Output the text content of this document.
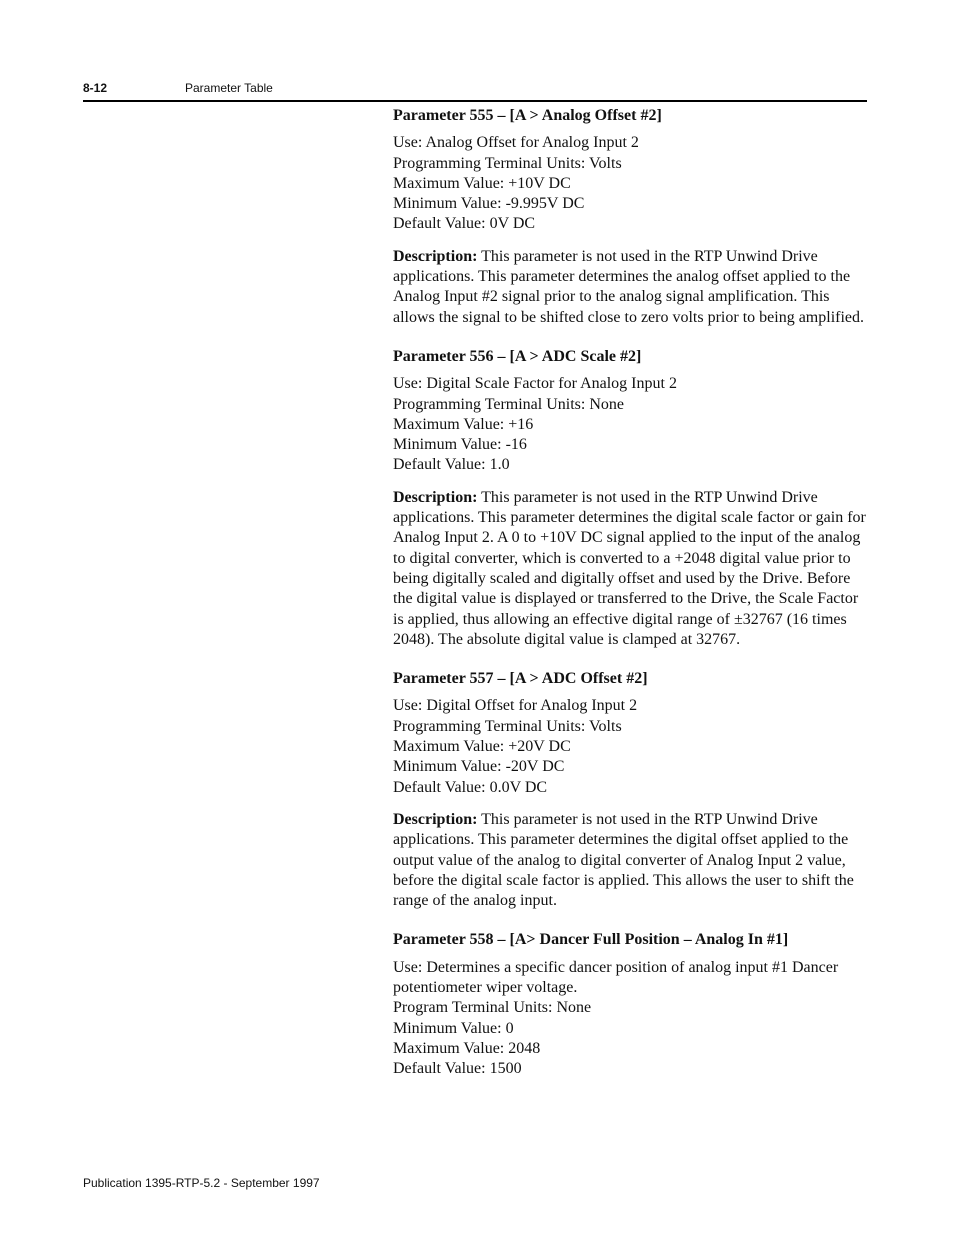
8-12	Parameter Table

Parameter 555 – [A > Analog Offset #2]

Use: Analog Offset for Analog Input 2
Programming Terminal Units: Volts
Maximum Value: +10V DC
Minimum Value: -9.995V DC
Default Value: 0V DC

Description: This parameter is not used in the RTP Unwind Drive applications. This parameter determines the analog offset applied to the Analog Input #2 signal prior to the analog signal amplification. This allows the signal to be shifted close to zero volts prior to being amplified.

Parameter 556 – [A > ADC Scale #2]

Use: Digital Scale Factor for Analog Input 2
Programming Terminal Units: None
Maximum Value: +16
Minimum Value: -16
Default Value: 1.0

Description: This parameter is not used in the RTP Unwind Drive applications. This parameter determines the digital scale factor or gain for Analog Input 2. A 0 to +10V DC signal applied to the input of the analog to digital converter, which is converted to a +2048 digital value prior to being digitally scaled and digitally offset and used by the Drive. Before the digital value is displayed or transferred to the Drive, the Scale Factor is applied, thus allowing an effective digital range of ±32767 (16 times 2048). The absolute digital value is clamped at 32767.

Parameter 557 – [A > ADC Offset #2]

Use: Digital Offset for Analog Input 2
Programming Terminal Units: Volts
Maximum Value: +20V DC
Minimum Value: -20V DC
Default Value: 0.0V DC

Description: This parameter is not used in the RTP Unwind Drive applications. This parameter determines the digital offset applied to the output value of the analog to digital converter of Analog Input 2 value, before the digital scale factor is applied. This allows the user to shift the range of the analog input.

Parameter 558 – [A> Dancer Full Position – Analog In #1]

Use: Determines a specific dancer position of analog input #1 Dancer potentiometer wiper voltage.
Program Terminal Units: None
Minimum Value: 0
Maximum Value: 2048
Default Value: 1500
Publication 1395-RTP-5.2 - September 1997
